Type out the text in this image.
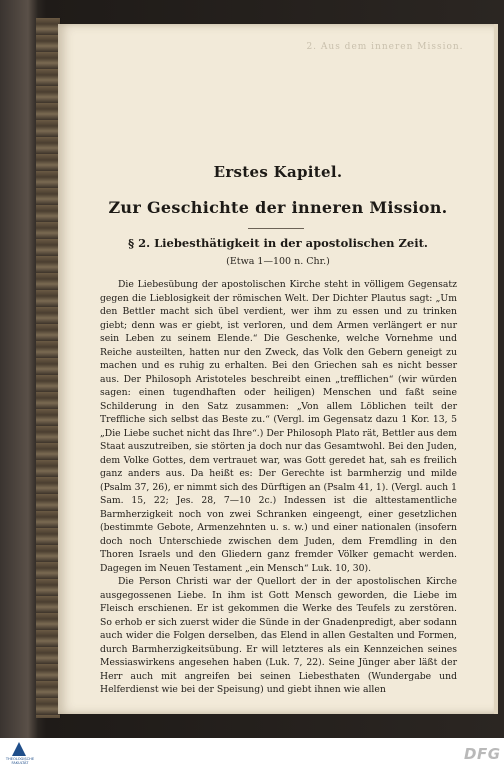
2. Aus dem inneren Mission.
Erstes Kapitel.
Zur Geschichte der inneren Mission.
§ 2. Liebesthätigkeit in der apostolischen Zeit.
(Etwa 1—100 n. Chr.)

Die Liebesübung der apostolischen Kirche steht in völligem Gegensatz gegen die Lieblosigkeit der römischen Welt. Der Dichter Plautus sagt: „Um den Bettler macht sich übel verdient, wer ihm zu essen und zu trinken giebt; denn was er giebt, ist verloren, und dem Armen verlängert er nur sein Leben zu seinem Elende.“ Die Geschenke, welche Vornehme und Reiche austeilten, hatten nur den Zweck, das Volk den Gebern geneigt zu machen und es ruhig zu erhalten. Bei den Griechen sah es nicht besser aus. Der Philosoph Aristoteles beschreibt einen „trefflichen“ (wir würden sagen: einen tugendhaften oder heiligen) Menschen und faßt seine Schilderung in den Satz zusammen: „Von allem Löblichen teilt der Treffliche sich selbst das Beste zu.“ (Vergl. im Gegensatz dazu 1 Kor. 13, 5 „Die Liebe suchet nicht das Ihre“.) Der Philosoph Plato rät, Bettler aus dem Staat auszutreiben, sie störten ja doch nur das Gesamtwohl. Bei den Juden, dem Volke Gottes, dem vertrauet war, was Gott geredet hat, sah es freilich ganz anders aus. Da heißt es: Der Gerechte ist barmherzig und milde (Psalm 37, 26), er nimmt sich des Dürftigen an (Psalm 41, 1). (Vergl. auch 1 Sam. 15, 22; Jes. 28, 7—10 2c.) Indessen ist die alttestamentliche Barmherzigkeit noch von zwei Schranken eingeengt, einer gesetzlichen (bestimmte Gebote, Armenzehnten u. s. w.) und einer nationalen (insofern doch noch Unterschiede zwischen dem Juden, dem Fremdling in den Thoren Israels und den Gliedern ganz fremder Völker gemacht werden. Dagegen im Neuen Testament „ein Mensch“ Luk. 10, 30).

Die Person Christi war der Quellort der in der apostolischen Kirche ausgegossenen Liebe. In ihm ist Gott Mensch geworden, die Liebe im Fleisch erschienen. Er ist gekommen die Werke des Teufels zu zerstören. So erhob er sich zuerst wider die Sünde in der Gnadenpredigt, aber sodann auch wider die Folgen derselben, das Elend in allen Gestalten und Formen, durch Barmherzigkeitsübung. Er will letzteres als ein Kennzeichen seines Messiaswirkens angesehen haben (Luk. 7, 22). Seine Jünger aber läßt der Herr auch mit angreifen bei seinen Liebesthaten (Wundergabe und Helferdienst wie bei der Speisung) und giebt ihnen wie allen

THEOLOGISCHE FAKULTÄT	DFG
